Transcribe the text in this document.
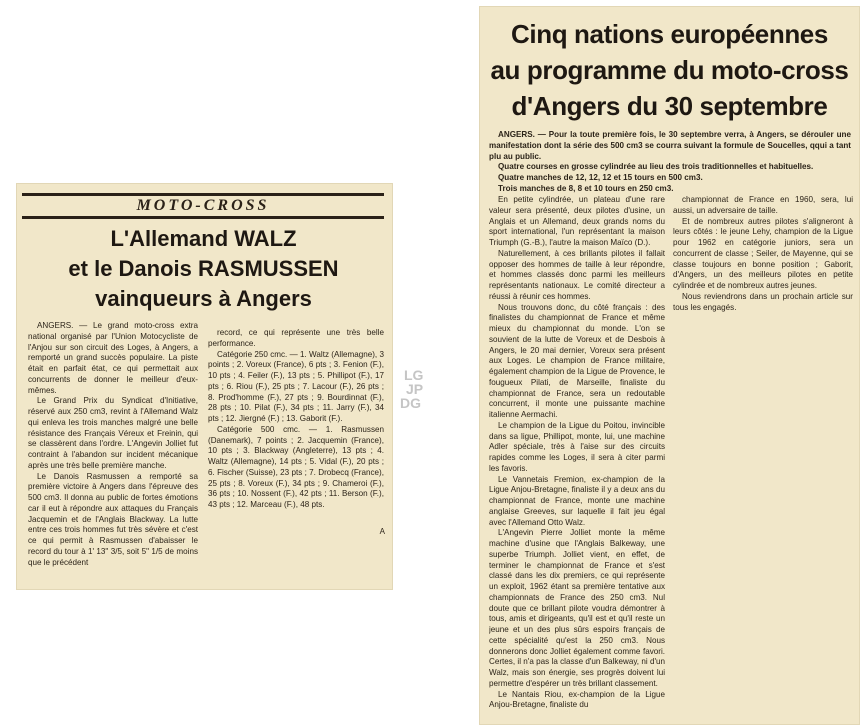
MOTO-CROSS
L'Allemand WALZ
et le Danois RASMUSSEN
vainqueurs à Angers

ANGERS. — Le grand moto-cross extra national organisé par l'Union Motocycliste de l'Anjou sur son circuit des Loges, à Angers, a remporté un grand succès populaire. La piste était en parfait état, ce qui permettait aux concurrents de donner le meilleur d'eux-mêmes.

Le Grand Prix du Syndicat d'Initiative, réservé aux 250 cm3, revint à l'Allemand Walz qui enleva les trois manches malgré une belle résistance des Français Véreux et Freinin, qui se classèrent dans l'ordre. L'Angevin Jolliet fut contraint à l'abandon sur incident mécanique après une très belle première manche.

Le Danois Rasmussen a remporté sa première victoire à Angers dans l'épreuve des 500 cm3. Il donna au public de fortes émotions car il eut à répondre aux attaques du Français Jacquemin et de l'Anglais Blackway. La lutte entre ces trois hommes fut très sévère et c'est ce qui permit à Rasmussen d'abaisser le record du tour à 1' 13" 3/5, soit 5" 1/5 de moins que le précédent

record, ce qui représente une très belle performance.

Catégorie 250 cmc. — 1. Waltz (Allemagne), 3 points ; 2. Voreux (France), 6 pts ; 3. Fenion (F.), 10 pts ; 4. Feiler (F.), 13 pts ; 5. Phillipot (F.), 17 pts ; 6. Riou (F.), 25 pts ; 7. Lacour (F.), 26 pts ; 8. Prod'homme (F.), 27 pts ; 9. Bourdinnat (F.), 28 pts ; 10. Pilat (F.), 34 pts ; 11. Jarry (F.), 34 pts ; 12. Jiergné (F.) ; 13. Gaborit (F.).

Catégorie 500 cmc. — 1. Rasmussen (Danemark), 7 points ; 2. Jacquemin (France), 10 pts ; 3. Blackway (Angleterre), 13 pts ; 4. Waltz (Allemagne), 14 pts ; 5. Vidal (F.), 20 pts ; 6. Fischer (Suisse), 23 pts ; 7. Drobecq (France), 25 pts ; 8. Voreux (F.), 34 pts ; 9. Chameroi (F.), 36 pts ; 10. Nossent (F.), 42 pts ; 11. Berson (F.), 43 pts ; 12. Marceau (F.), 48 pts.

A
LG
JP
DG
Cinq nations européennes
au programme du moto-cross
d'Angers du 30 septembre

ANGERS. — Pour la toute première fois, le 30 septembre verra, à Angers, se dérouler une manifestation dont la série des 500 cm3 se courra suivant la formule de Soucelles, qqui a tant plu au public.

Quatre courses en grosse cylindrée au lieu des trois traditionnelles et habituelles.

Quatre manches de 12, 12, 12 et 15 tours en 500 cm3.

Trois manches de 8, 8 et 10 tours en 250 cm3.

En petite cylindrée, un plateau d'une rare valeur sera présenté, deux pilotes d'usine, un Anglais et un Allemand, deux grands noms du sport international, l'un représentant la maison Triumph (G.-B.), l'autre la maison Maïco (D.).

Naturellement, à ces brillants pilotes il fallait opposer des hommes de taille à leur répondre, et hommes classés donc parmi les meilleurs représentants nationaux. Le comité directeur a réussi à réunir ces hommes.

Nous trouvons donc, du côté français : des finalistes du championnat de France et même mieux du championnat du monde. L'on se souvient de la lutte de Voreux et de Desbois à Angers, le 20 mai dernier, Voreux sera présent aux Loges. Le champion de France militaire, également champion de la Ligue de Provence, le fougueux Pilati, de Marseille, finaliste du championnat de France, sera un redoutable concurrent, il monte une puissante machine italienne Aermachi.

Le champion de la Ligue du Poitou, invincible dans sa ligue, Phillipot, monte, lui, une machine Adler spéciale, très à l'aise sur des circuits rapides comme les Loges, il sera à citer parmi les favoris.

Le Vannetais Fremion, ex-champion de la Ligue Anjou-Bretagne, finaliste il y a deux ans du championnat de France, monte une machine anglaise Greeves, sur laquelle il fait jeu égal avec l'Allemand Otto Walz.

L'Angevin Pierre Jolliet monte la même machine d'usine que l'Anglais Balkeway, une superbe Triumph. Jolliet vient, en effet, de terminer le championnat de France et s'est classé dans les dix premiers, ce qui représente un exploit, 1962 étant sa première tentative aux championnats de France des 250 cm3. Nul doute que ce brillant pilote voudra démontrer à tous, amis et dirigeants, qu'il est et qu'il reste un jeune et un des plus sûrs espoirs français de cette spécialité qu'est la 250 cm3. Nous donnerons donc Jolliet également comme favori. Certes, il n'a pas la classe d'un Balkeway, ni d'un Walz, mais son énergie, ses progrès doivent lui permettre d'espérer un très brillant classement.

Le Nantais Riou, ex-champion de la Ligue Anjou-Bretagne, finaliste du

championnat de France en 1960, sera, lui aussi, un adversaire de taille.

Et de nombreux autres pilotes s'aligneront à leurs côtés : le jeune Lehy, champion de la Ligue pour 1962 en catégorie juniors, sera un concurrent de classe ; Seiler, de Mayenne, qui se classe toujours en bonne position ; Gaborit, d'Angers, un des meilleurs pilotes en petite cylindrée et de nombreux autres jeunes.

Nous reviendrons dans un prochain article sur tous les engagés.
